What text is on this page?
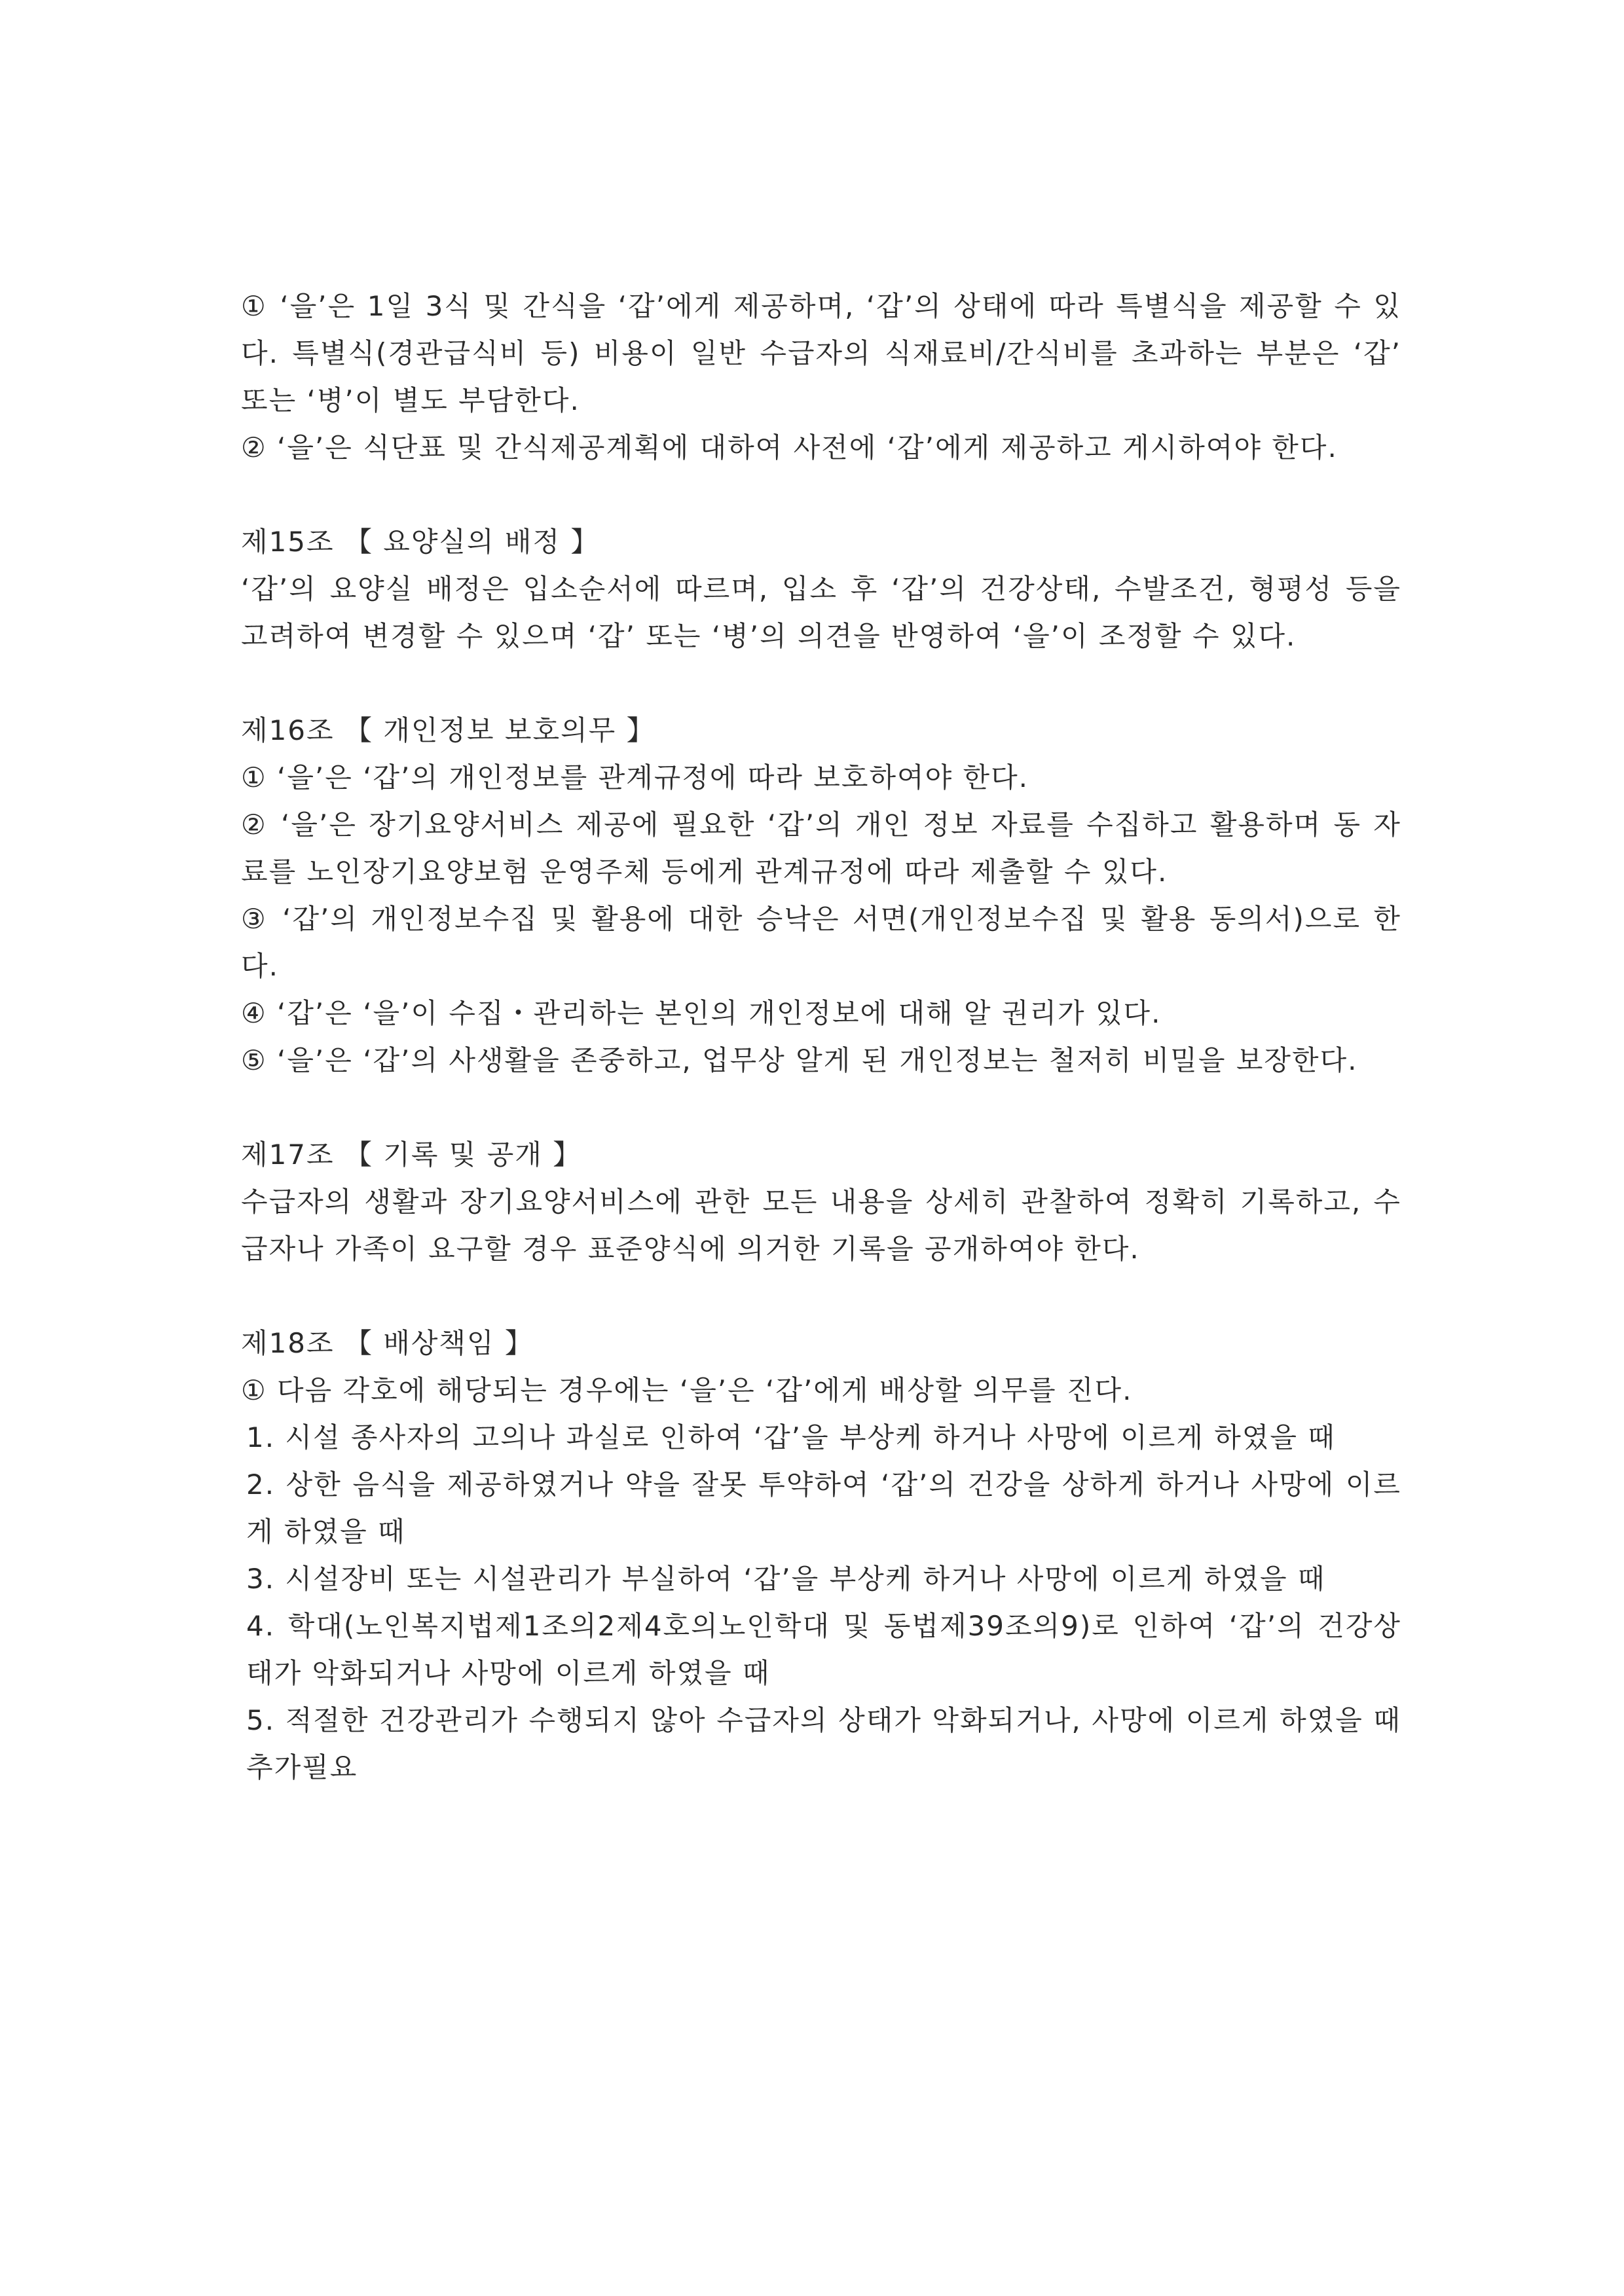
① ‘을’은 1일 3식 및 간식을 ‘갑’에게 제공하며, ‘갑’의 상태에 따라 특별식을 제공할 수 있다. 특별식(경관급식비 등) 비용이 일반 수급자의 식재료비/간식비를 초과하는 부분은 ‘갑’ 또는 ‘병’이 별도 부담한다.

② ‘을’은 식단표 및 간식제공계획에 대하여 사전에 ‘갑’에게 제공하고 게시하여야 한다.

제15조 【 요양실의 배정 】

‘갑’의 요양실 배정은 입소순서에 따르며, 입소 후 ‘갑’의 건강상태, 수발조건, 형평성 등을 고려하여 변경할 수 있으며 ‘갑’ 또는 ‘병’의 의견을 반영하여 ‘을’이 조정할 수 있다.

제16조 【 개인정보 보호의무 】

① ‘을’은 ‘갑’의 개인정보를 관계규정에 따라 보호하여야 한다.

② ‘을’은 장기요양서비스 제공에 필요한 ‘갑’의 개인 정보 자료를 수집하고 활용하며 동 자료를 노인장기요양보험 운영주체 등에게 관계규정에 따라 제출할 수 있다.

③ ‘갑’의 개인정보수집 및 활용에 대한 승낙은 서면(개인정보수집 및 활용 동의서)으로 한다.

④ ‘갑’은 ‘을’이 수집・관리하는 본인의 개인정보에 대해 알 권리가 있다.

⑤ ‘을’은 ‘갑’의 사생활을 존중하고, 업무상 알게 된 개인정보는 철저히 비밀을 보장한다.

제17조 【 기록 및 공개 】

수급자의 생활과 장기요양서비스에 관한 모든 내용을 상세히 관찰하여 정확히 기록하고, 수급자나 가족이 요구할 경우 표준양식에 의거한 기록을 공개하여야 한다.

제18조 【 배상책임 】

① 다음 각호에 해당되는 경우에는 ‘을’은 ‘갑’에게 배상할 의무를 진다.

1. 시설 종사자의 고의나 과실로 인하여 ‘갑’을 부상케 하거나 사망에 이르게 하였을 때

2. 상한 음식을 제공하였거나 약을 잘못 투약하여 ‘갑’의 건강을 상하게 하거나 사망에 이르게 하였을 때

3. 시설장비 또는 시설관리가 부실하여 ‘갑’을 부상케 하거나 사망에 이르게 하였을 때

4. 학대(노인복지법제1조의2제4호의노인학대 및 동법제39조의9)로 인하여 ‘갑’의 건강상태가 악화되거나 사망에 이르게 하였을 때

5. 적절한 건강관리가 수행되지 않아 수급자의 상태가 악화되거나, 사망에 이르게 하였을 때 추가필요
